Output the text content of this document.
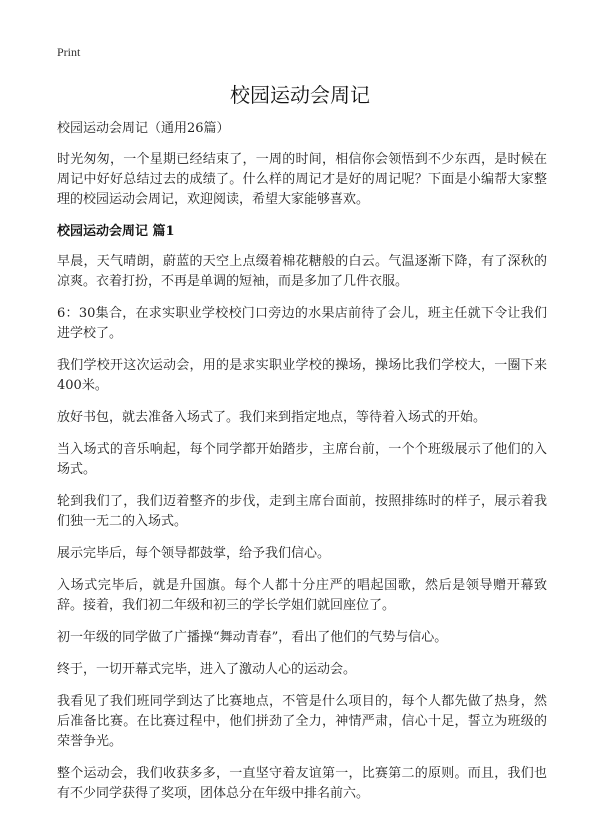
Print
校园运动会周记

校园运动会周记（通用26篇）

时光匆匆，一个星期已经结束了，一周的时间，相信你会领悟到不少东西，是时候在周记中好好总结过去的成绩了。什么样的周记才是好的周记呢？下面是小编帮大家整理的校园运动会周记，欢迎阅读，希望大家能够喜欢。

校园运动会周记 篇1

早晨，天气晴朗，蔚蓝的天空上点缀着棉花糖般的白云。气温逐渐下降，有了深秋的凉爽。衣着打扮，不再是单调的短袖，而是多加了几件衣服。

6：30集合，在求实职业学校校门口旁边的水果店前待了会儿，班主任就下令让我们进学校了。

我们学校开这次运动会，用的是求实职业学校的操场，操场比我们学校大，一圈下来400米。

放好书包，就去准备入场式了。我们来到指定地点，等待着入场式的开始。

当入场式的音乐响起，每个同学都开始踏步，主席台前，一个个班级展示了他们的入场式。

轮到我们了，我们迈着整齐的步伐，走到主席台面前，按照排练时的样子，展示着我们独一无二的入场式。

展示完毕后，每个领导都鼓掌，给予我们信心。

入场式完毕后，就是升国旗。每个人都十分庄严的唱起国歌，然后是领导赠开幕致辞。接着，我们初二年级和初三的学长学姐们就回座位了。

初一年级的同学做了广播操“舞动青春”，看出了他们的气势与信心。

终于，一切开幕式完毕，进入了激动人心的运动会。

我看见了我们班同学到达了比赛地点，不管是什么项目的，每个人都先做了热身，然后准备比赛。在比赛过程中，他们拼劲了全力，神情严肃，信心十足，誓立为班级的荣誉争光。

整个运动会，我们收获多多，一直坚守着友谊第一，比赛第二的原则。而且，我们也有不少同学获得了奖项，团体总分在年级中排名前六。
